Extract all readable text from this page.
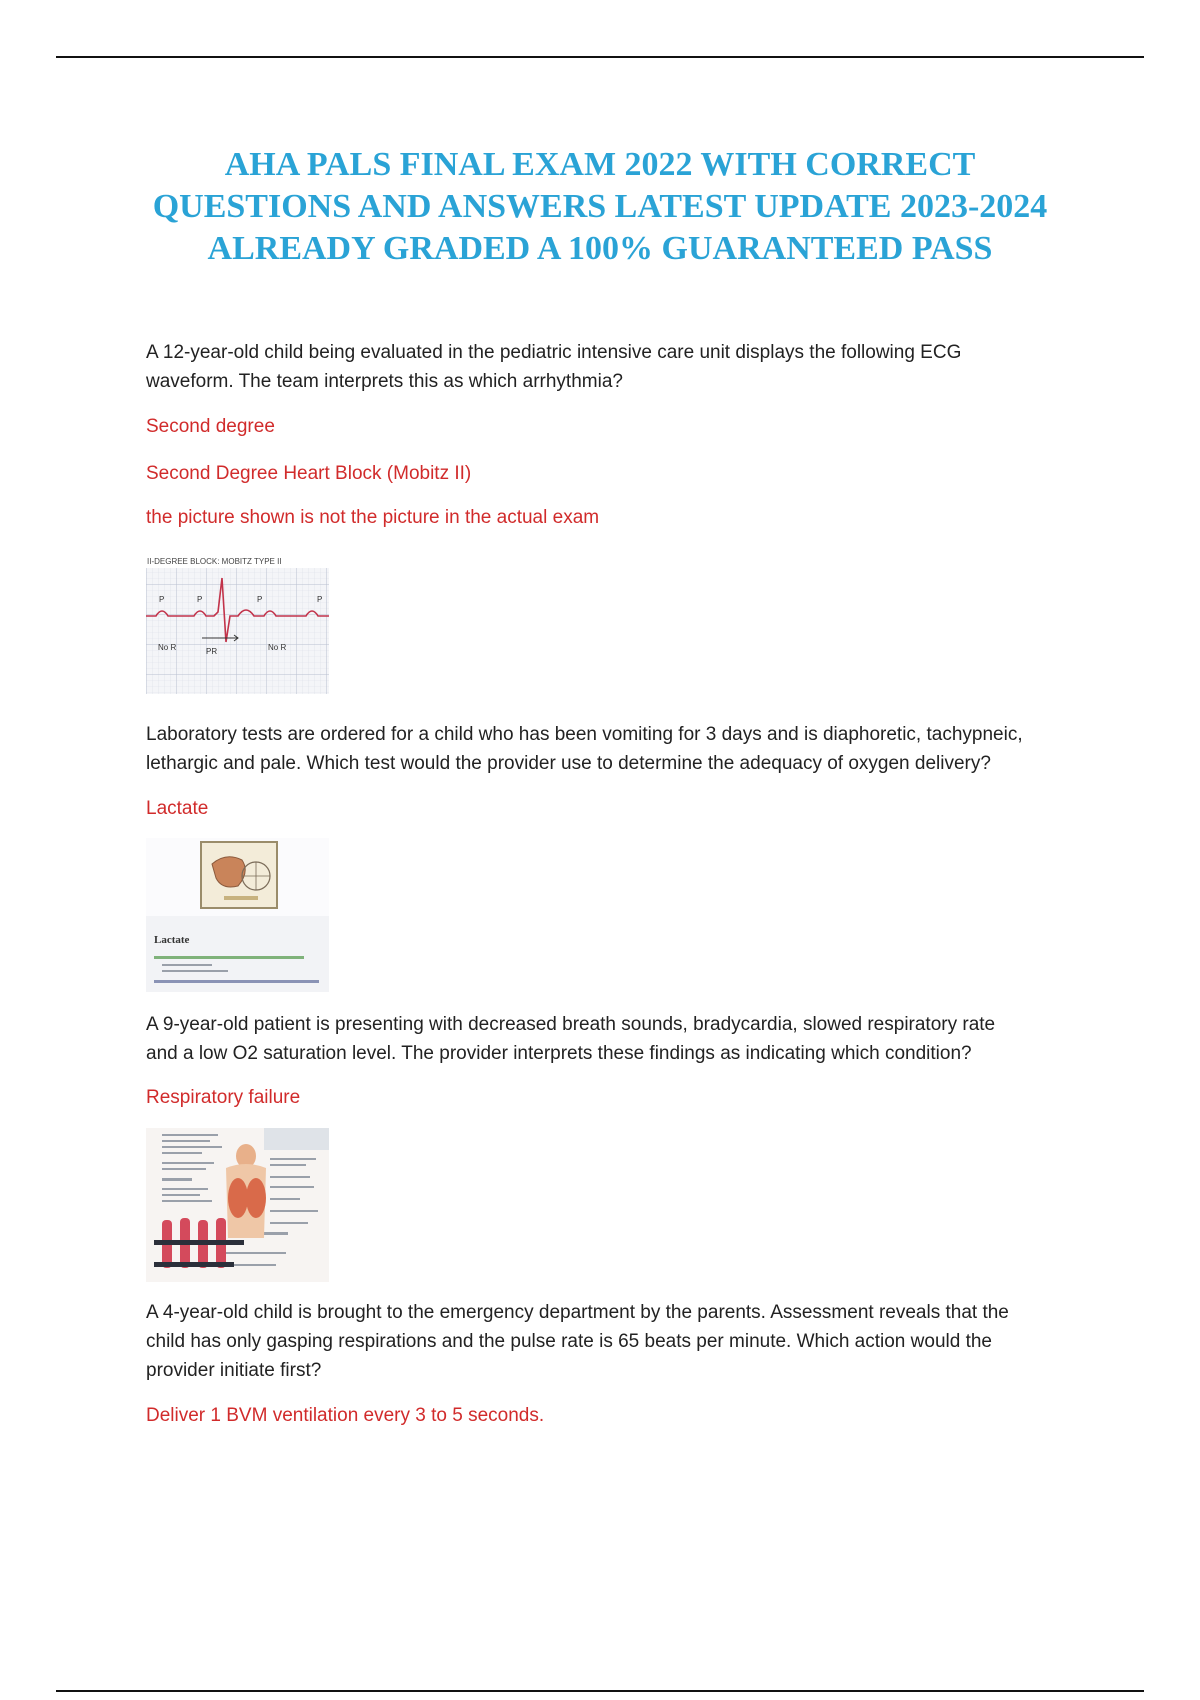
AHA PALS FINAL EXAM 2022 WITH CORRECT
QUESTIONS AND ANSWERS LATEST UPDATE 2023-2024
ALREADY GRADED A 100% GUARANTEED PASS
A 12-year-old child being evaluated in the pediatric intensive care unit displays the following ECG
waveform. The team interprets this as which arrhythmia?
Second degree
Second Degree Heart Block (Mobitz II)
the picture shown is not the picture in the actual exam
II-DEGREE BLOCK: MOBITZ TYPE II
P	P	P	P
No R	PR	No R
Laboratory tests are ordered for a child who has been vomiting for 3 days and is diaphoretic, tachypneic,
lethargic and pale. Which test would the provider use to determine the adequacy of oxygen delivery?
Lactate
Lactate
A 9-year-old patient is presenting with decreased breath sounds, bradycardia, slowed respiratory rate
and a low O2 saturation level. The provider interprets these findings as indicating which condition?
Respiratory failure
A 4-year-old child is brought to the emergency department by the parents. Assessment reveals that the
child has only gasping respirations and the pulse rate is 65 beats per minute. Which action would the
provider initiate first?
Deliver 1 BVM ventilation every 3 to 5 seconds.
